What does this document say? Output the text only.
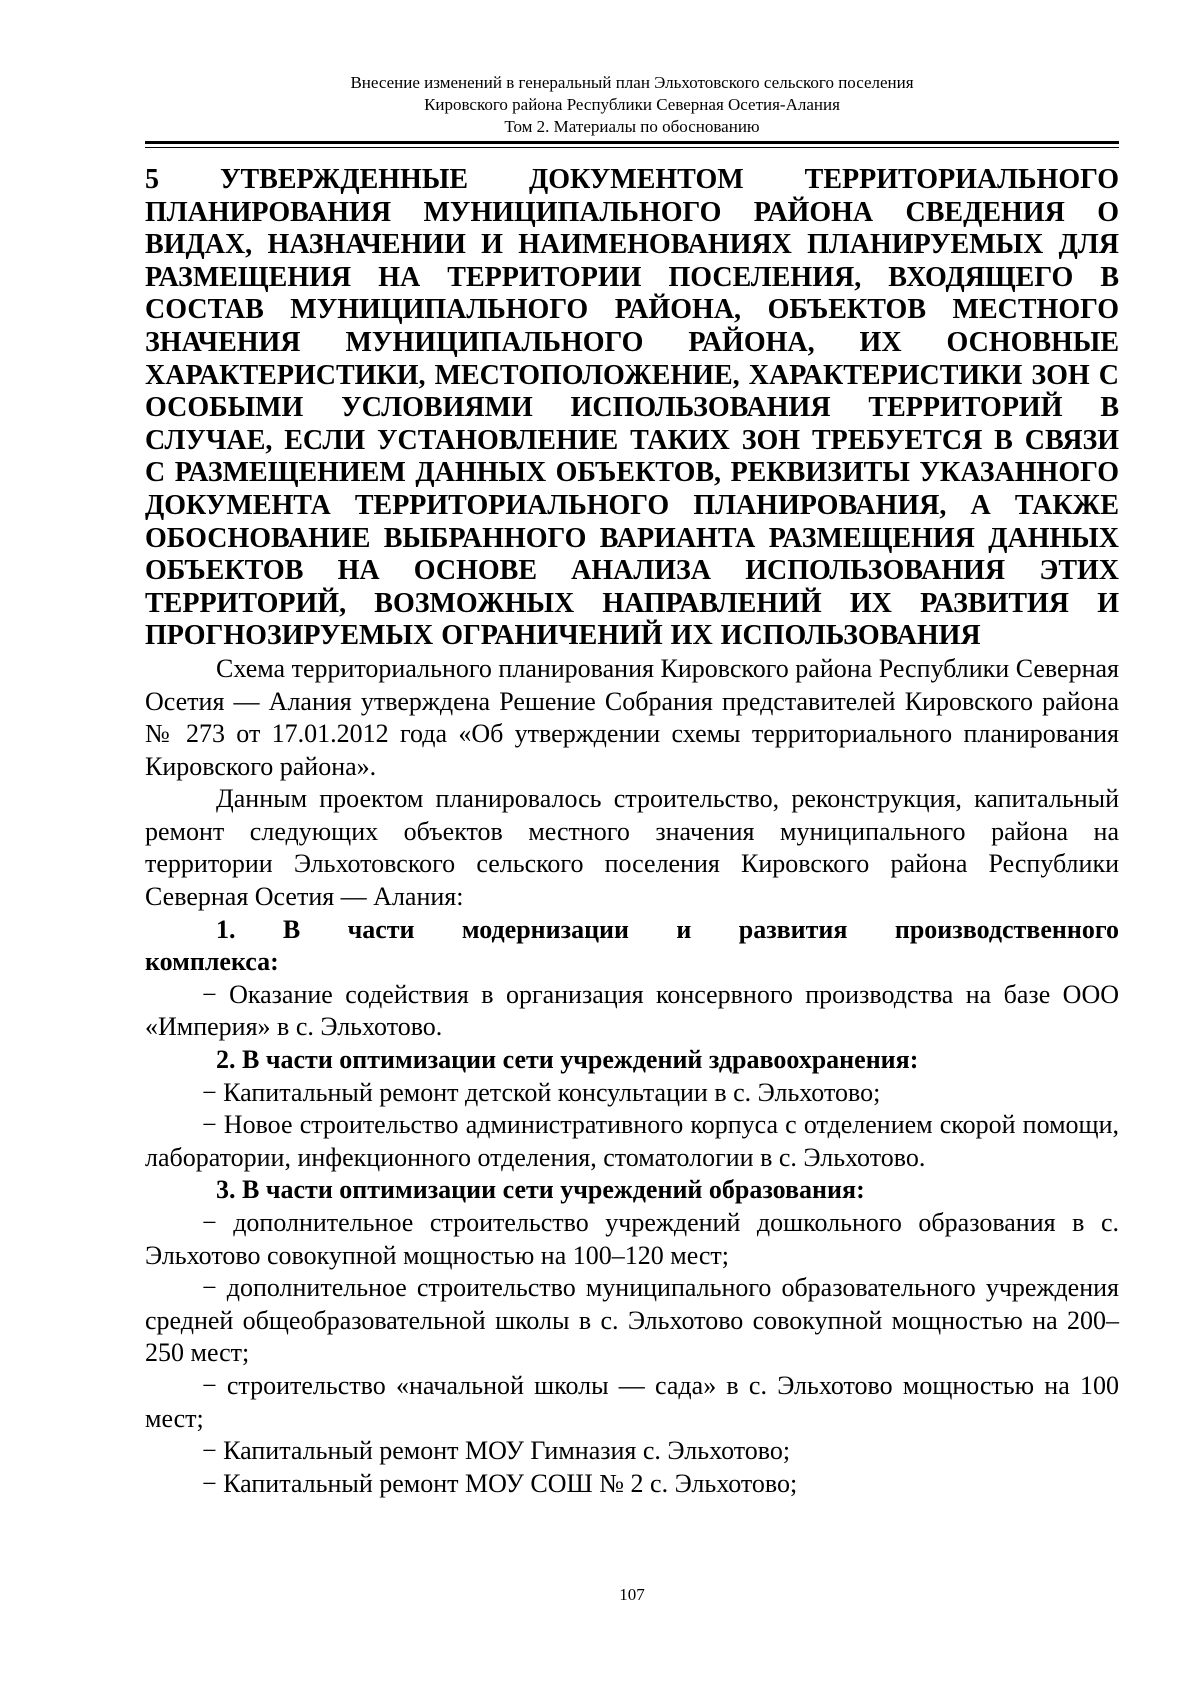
Внесение изменений в генеральный план Эльхотовского сельского поселения
Кировского района Республики Северная Осетия-Алания
Том 2. Материалы по обоснованию
5 УТВЕРЖДЕННЫЕ ДОКУМЕНТОМ ТЕРРИТОРИАЛЬНОГО ПЛАНИРОВАНИЯ МУНИЦИПАЛЬНОГО РАЙОНА СВЕДЕНИЯ О ВИДАХ, НАЗНАЧЕНИИ И НАИМЕНОВАНИЯХ ПЛАНИРУЕМЫХ ДЛЯ РАЗМЕЩЕНИЯ НА ТЕРРИТОРИИ ПОСЕЛЕНИЯ, ВХОДЯЩЕГО В СОСТАВ МУНИЦИПАЛЬНОГО РАЙОНА, ОБЪЕКТОВ МЕСТНОГО ЗНАЧЕНИЯ МУНИЦИПАЛЬНОГО РАЙОНА, ИХ ОСНОВНЫЕ ХАРАКТЕРИСТИКИ, МЕСТОПОЛОЖЕНИЕ, ХАРАКТЕРИСТИКИ ЗОН С ОСОБЫМИ УСЛОВИЯМИ ИСПОЛЬЗОВАНИЯ ТЕРРИТОРИЙ В СЛУЧАЕ, ЕСЛИ УСТАНОВЛЕНИЕ ТАКИХ ЗОН ТРЕБУЕТСЯ В СВЯЗИ С РАЗМЕЩЕНИЕМ ДАННЫХ ОБЪЕКТОВ, РЕКВИЗИТЫ УКАЗАННОГО ДОКУМЕНТА ТЕРРИТОРИАЛЬНОГО ПЛАНИРОВАНИЯ, А ТАКЖЕ ОБОСНОВАНИЕ ВЫБРАННОГО ВАРИАНТА РАЗМЕЩЕНИЯ ДАННЫХ ОБЪЕКТОВ НА ОСНОВЕ АНАЛИЗА ИСПОЛЬЗОВАНИЯ ЭТИХ ТЕРРИТОРИЙ, ВОЗМОЖНЫХ НАПРАВЛЕНИЙ ИХ РАЗВИТИЯ И ПРОГНОЗИРУЕМЫХ ОГРАНИЧЕНИЙ ИХ ИСПОЛЬЗОВАНИЯ

Схема территориального планирования Кировского района Республики Северная Осетия — Алания утверждена Решение Собрания представителей Кировского района № 273 от 17.01.2012 года «Об утверждении схемы территориального планирования Кировского района».

Данным проектом планировалось строительство, реконструкция, капитальный ремонт следующих объектов местного значения муниципального района на территории Эльхотовского сельского поселения Кировского района Республики Северная Осетия — Алания:

1. В части модернизации и развития производственного комплекса:

− Оказание содействия в организация консервного производства на базе ООО «Империя» в с. Эльхотово.

2. В части оптимизации сети учреждений здравоохранения:

− Капитальный ремонт детской консультации в с. Эльхотово;

− Новое строительство административного корпуса с отделением скорой помощи, лаборатории, инфекционного отделения, стоматологии в с. Эльхотово.

3. В части оптимизации сети учреждений образования:

− дополнительное строительство учреждений дошкольного образования в с. Эльхотово совокупной мощностью на 100–120 мест;

− дополнительное строительство муниципального образовательного учреждения средней общеобразовательной школы в с. Эльхотово совокупной мощностью на 200–250 мест;

− строительство «начальной школы — сада» в с. Эльхотово мощностью на 100 мест;

− Капитальный ремонт МОУ Гимназия с. Эльхотово;

− Капитальный ремонт МОУ СОШ № 2 с. Эльхотово;

107
